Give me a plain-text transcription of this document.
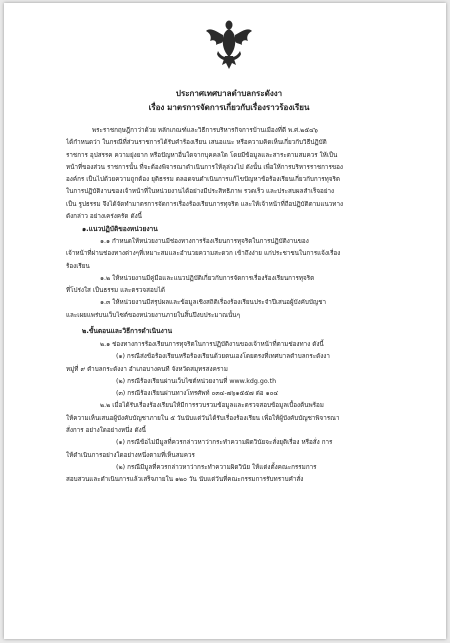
ประกาศเทศบาลตำบลกระดังงา
เรื่อง มาตรการจัดการเกี่ยวกับเรื่องราวร้องเรียน
พระราชกฤษฎีกาว่าด้วย หลักเกณฑ์และวิธีการบริหารกิจการบ้านเมืองที่ดี พ.ศ.๒๕๔๖
ได้กำหนดว่า ในกรณีที่ส่วนราชการได้รับคำร้องเรียน เสนอแนะ หรือความคิดเห็นเกี่ยวกับวิธีปฏิบัติ
ราชการ อุปสรรค ความยุ่งยาก หรือปัญหาอื่นใดจากบุคคลใด โดยมีข้อมูลและสาระตามสมควร ให้เป็น
หน้าที่ของส่วน ราชการนั้น ที่จะต้องพิจารณาดำเนินการให้ลุล่วงไป ดังนั้น เพื่อให้การบริหารราชการของ
องค์กร เป็นไปด้วยความถูกต้อง ยุติธรรม ตลอดจนดำเนินการแก้ไขปัญหาข้อร้องเรียนเกี่ยวกับการทุจริต
ในการปฏิบัติงานของเจ้าหน้าที่ในหน่วยงานได้อย่างมีประสิทธิภาพ รวดเร็ว และประสบผลสำเร็จอย่าง
เป็น รูปธรรม จึงได้จัดทำมาตรการจัดการเรื่องร้องเรียนการทุจริต และให้เจ้าหน้าที่ถือปฏิบัติตามแนวทาง
ดังกล่าว อย่างเคร่งครัด ดังนี้
๑.แนวปฏิบัติของหน่วยงาน
๑.๑ กำหนดให้หน่วยงานมีช่องทางการร้องเรียนการทุจริตในการปฏิบัติงานของ
เจ้าหน้าที่ผ่านช่องทางต่างๆที่เหมาะสมและอำนวยความสะดวก เข้าถึงง่าย แก่ประชาชนในการแจ้งเรื่อง
ร้องเรียน
๑.๒ ให้หน่วยงานมีคู่มือและแนวปฏิบัติเกี่ยวกับการจัดการเรื่องร้องเรียนการทุจริต
ที่โปร่งใส เป็นธรรม และตรวจสอบได้
๑.๓ ให้หน่วยงานมีสรุปผลและข้อมูลเชิงสถิติเรื่องร้องเรียนประจำปีเสนอผู้บังคับบัญชา
และเผยแพร่บนเว็บไซต์ของหน่วยงานภายในสิ้นปีงบประมาณนั้นๆ
๒.ขั้นตอนและวิธีการดำเนินงาน
๒.๑ ช่องทางการร้องเรียนการทุจริตในการปฏิบัติงานของเจ้าหน้าที่ตามช่องทาง ดังนี้
(๑) กรณีส่งข้อร้องเรียนหรือร้องเรียนด้วยตนเองโดยตรงที่เทศบาลตำบลกระดังงา
หมู่ที่ ๙ ตำบลกระดังงา อำเภอบางคนที จังหวัดสมุทรสงคราม
(๒) กรณีร้องเรียนผ่านเว็บไซต์หน่วยงานที่ www.kdg.go.th
(๓) กรณีร้องเรียนผ่านทางโทรศัพท์ ๐๓๔-๗๖๑๕๕๗ ต่อ ๑๐๔
๒.๒ เมื่อได้รับเรื่องร้องเรียนให้มีการรวบรวมข้อมูลและตรวจสอบข้อมูลเบื้องต้นพร้อม
ให้ความเห็นเสนอผู้บังคับบัญชาภายใน ๕ วันนับแต่วันได้รับเรื่องร้องเรียน เพื่อให้ผู้บังคับบัญชาพิจารณา
สั่งการ อย่างใดอย่างหนึ่ง ดังนี้
(๑) กรณีข้อไม่มีมูลที่ควรกล่าวหาว่ากระทำความผิดวินัยจะสั่งยุติเรื่อง หรือสั่ง การ
ให้ดำเนินการอย่างใดอย่างหนึ่งตามที่เห็นสมควร
(๒) กรณีมีมูลที่ควรกล่าวหาว่ากระทำความผิดวินัย ให้แต่งตั้งคณะกรรมการ
สอบสวนและดำเนินการแล้วเสร็จภายใน ๑๒๐ วัน นับแต่วันที่คณะกรรมการรับทราบคำสั่ง
